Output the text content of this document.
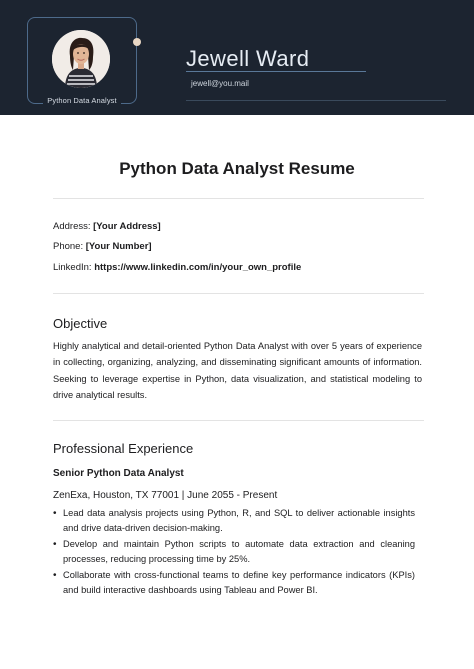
Python Data Analyst
Jewell Ward
jewell@you.mail
Python Data Analyst Resume
Address: [Your Address]
Phone: [Your Number]
LinkedIn: https://www.linkedin.com/in/your_own_profile
Objective

Highly analytical and detail-oriented Python Data Analyst with over 5 years of experience in collecting, organizing, analyzing, and disseminating significant amounts of information. Seeking to leverage expertise in Python, data visualization, and statistical modeling to drive analytical results.

Professional Experience
Senior Python Data Analyst
ZenExa, Houston, TX 77001 | June 2055 - Present
• Lead data analysis projects using Python, R, and SQL to deliver actionable insights and drive data-driven decision-making.
• Develop and maintain Python scripts to automate data extraction and cleaning processes, reducing processing time by 25%.
• Collaborate with cross-functional teams to define key performance indicators (KPIs) and build interactive dashboards using Tableau and Power BI.
